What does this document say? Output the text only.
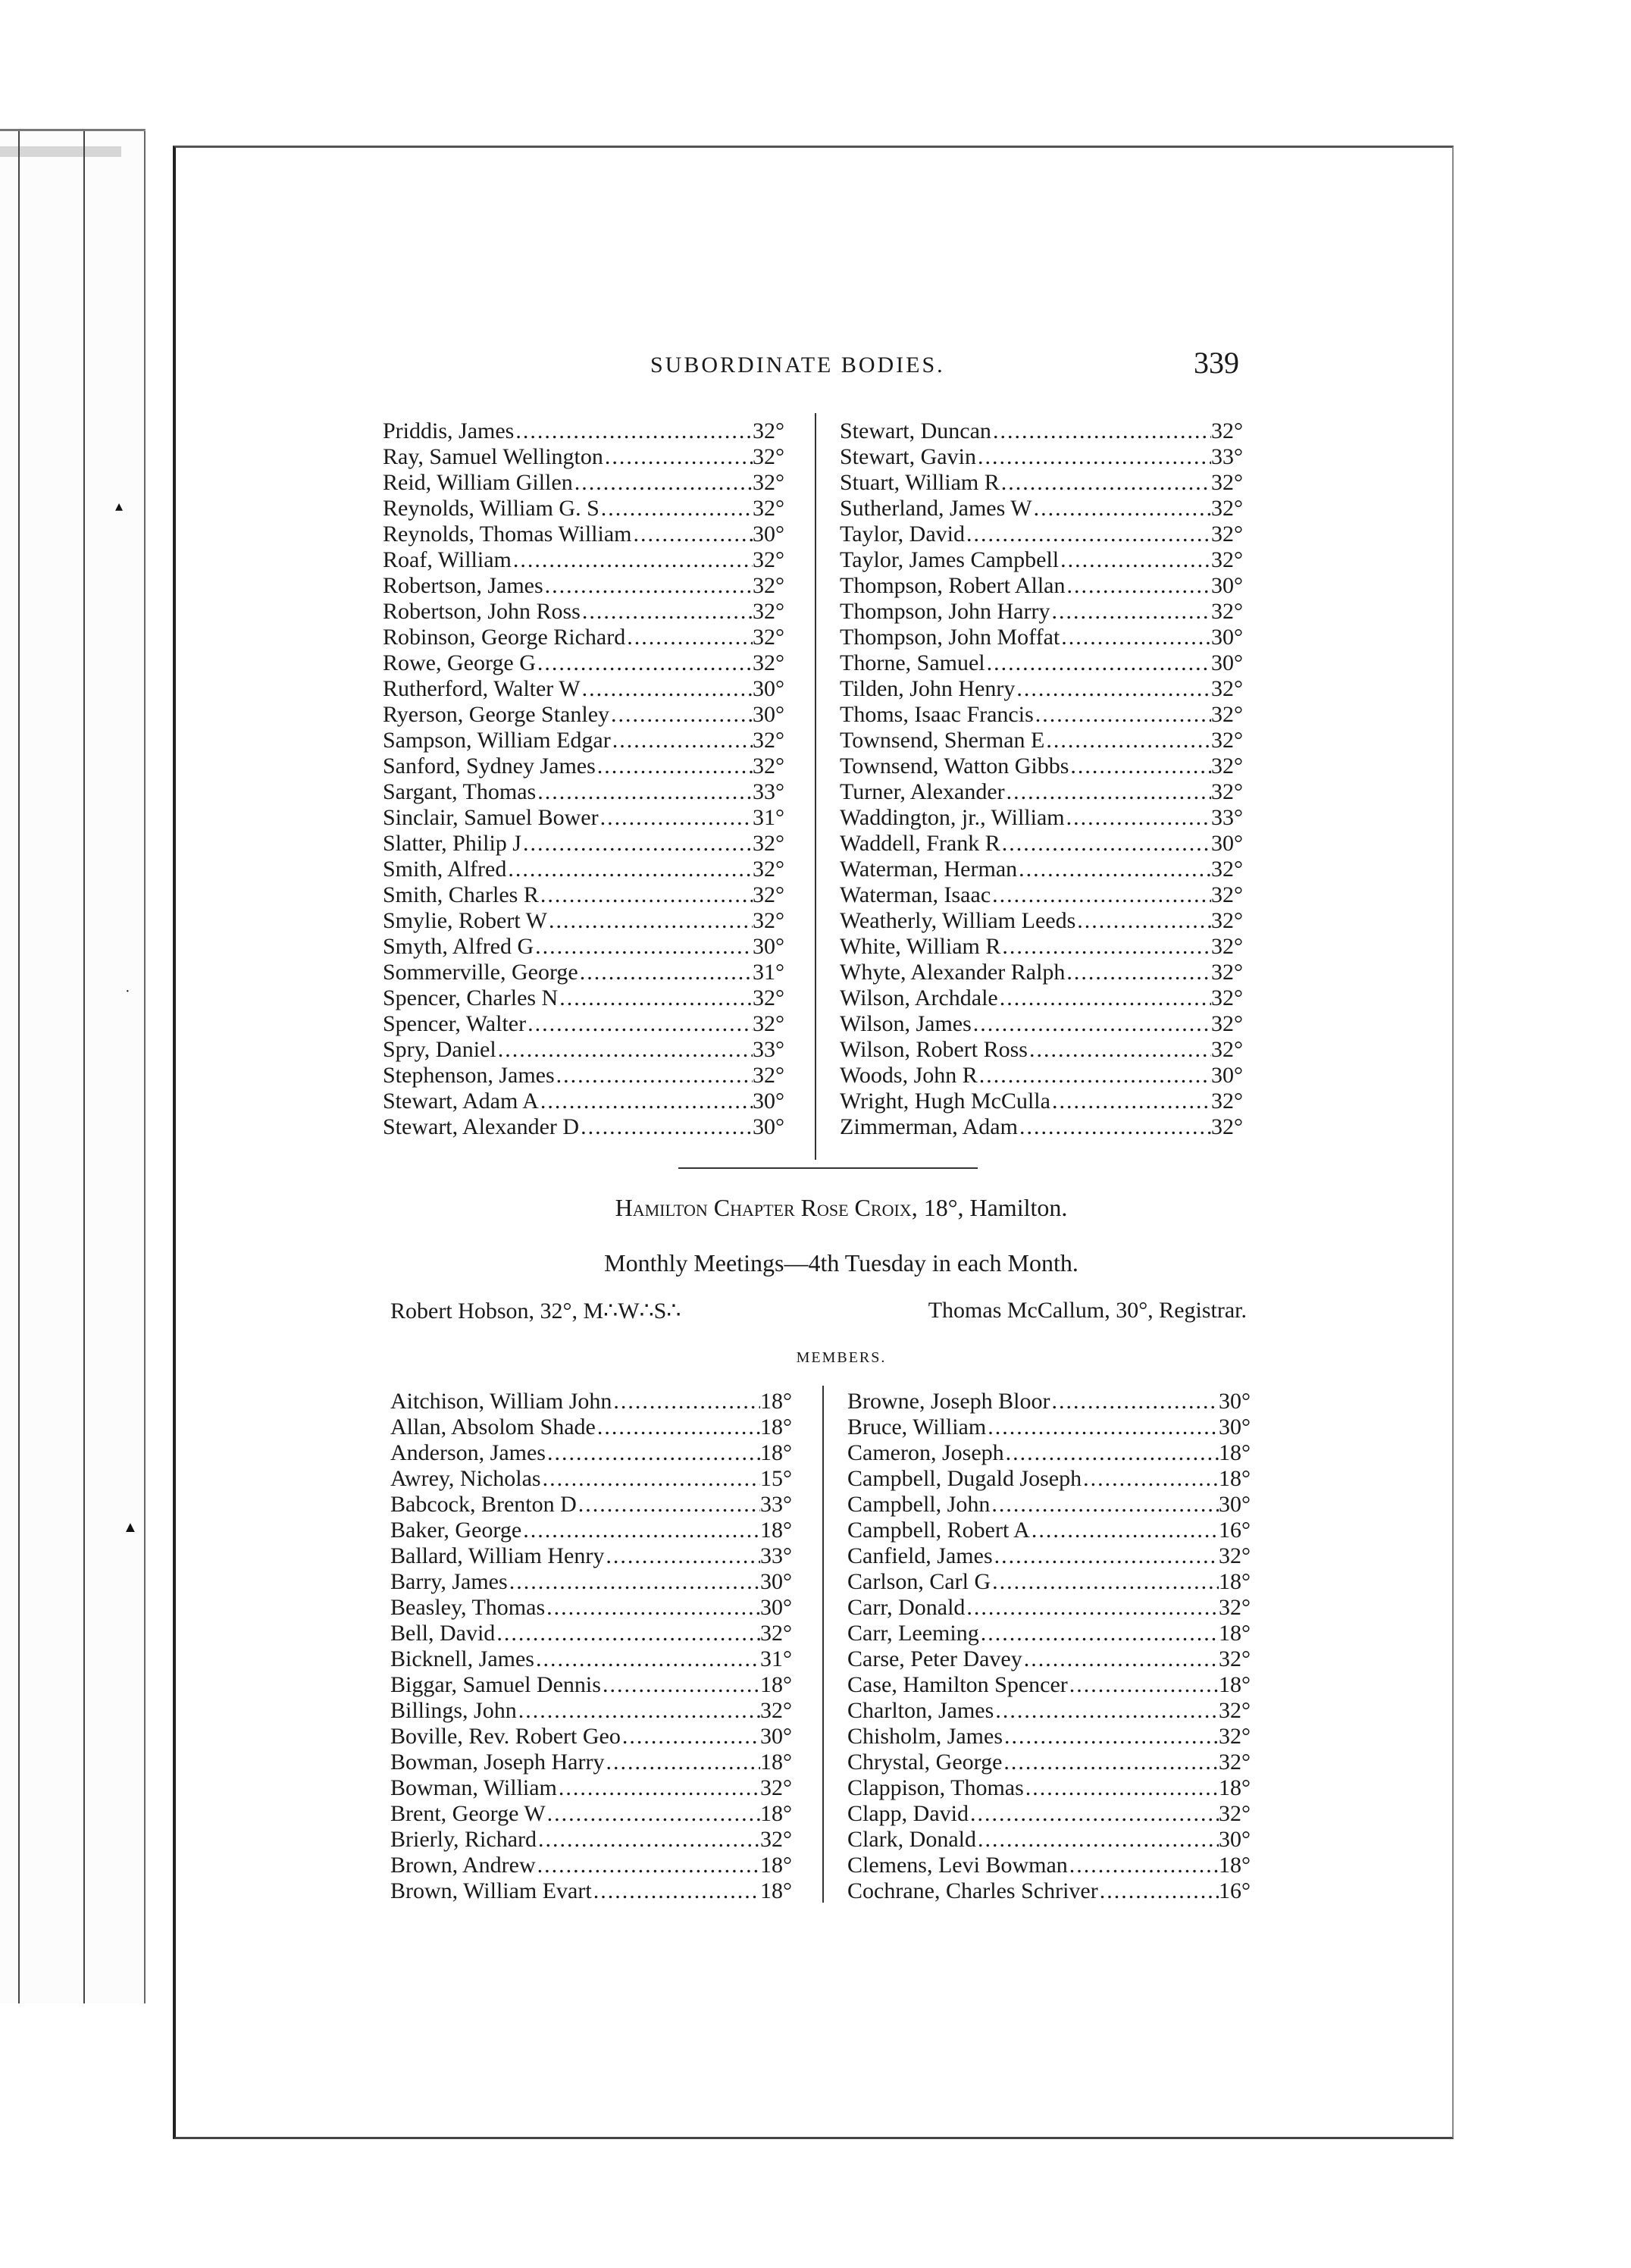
▴
·
▲
SUBORDINATE BODIES.	339
Priddis, James .....	32°
Ray, Samuel Wellington .....	32°
Reid, William Gillen .....	32°
Reynolds, William G. S .....	32°
Reynolds, Thomas William .....	30°
Roaf, William .....	32°
Robertson, James .....	32°
Robertson, John Ross .....	32°
Robinson, George Richard .....	32°
Rowe, George G .....	32°
Rutherford, Walter W .....	30°
Ryerson, George Stanley .....	30°
Sampson, William Edgar .....	32°
Sanford, Sydney James .....	32°
Sargant, Thomas .....	33°
Sinclair, Samuel Bower .....	31°
Slatter, Philip J .....	32°
Smith, Alfred .....	32°
Smith, Charles R .....	32°
Smylie, Robert W .....	32°
Smyth, Alfred G .....	30°
Sommerville, George .....	31°
Spencer, Charles N .....	32°
Spencer, Walter .....	32°
Spry, Daniel .....	33°
Stephenson, James .....	32°
Stewart, Adam A .....	30°
Stewart, Alexander D .....	30°
Stewart, Duncan .....	32°
Stewart, Gavin .....	33°
Stuart, William R .....	32°
Sutherland, James W .....	32°
Taylor, David .....	32°
Taylor, James Campbell .....	32°
Thompson, Robert Allan .....	30°
Thompson, John Harry .....	32°
Thompson, John Moffat .....	30°
Thorne, Samuel .....	30°
Tilden, John Henry .....	32°
Thoms, Isaac Francis .....	32°
Townsend, Sherman E .....	32°
Townsend, Watton Gibbs .....	32°
Turner, Alexander .....	32°
Waddington, jr., William .....	33°
Waddell, Frank R .....	30°
Waterman, Herman .....	32°
Waterman, Isaac .....	32°
Weatherly, William Leeds .....	32°
White, William R .....	32°
Whyte, Alexander Ralph .....	32°
Wilson, Archdale .....	32°
Wilson, James .....	32°
Wilson, Robert Ross .....	32°
Woods, John R .....	30°
Wright, Hugh McCulla .....	32°
Zimmerman, Adam .....	32°
Hamilton Chapter Rose Croix, 18°, Hamilton.
Monthly Meetings—4th Tuesday in each Month.
Robert Hobson, 32°, M∴W∴S∴	Thomas McCallum, 30°, Registrar.
MEMBERS.
Aitchison, William John .....	18°
Allan, Absolom Shade .....	18°
Anderson, James .....	18°
Awrey, Nicholas .....	15°
Babcock, Brenton D .....	33°
Baker, George .....	18°
Ballard, William Henry .....	33°
Barry, James .....	30°
Beasley, Thomas .....	30°
Bell, David .....	32°
Bicknell, James .....	31°
Biggar, Samuel Dennis .....	18°
Billings, John .....	32°
Boville, Rev. Robert Geo .....	30°
Bowman, Joseph Harry .....	18°
Bowman, William .....	32°
Brent, George W .....	18°
Brierly, Richard .....	32°
Brown, Andrew .....	18°
Brown, William Evart .....	18°
Browne, Joseph Bloor .....	30°
Bruce, William .....	30°
Cameron, Joseph .....	18°
Campbell, Dugald Joseph .....	18°
Campbell, John .....	30°
Campbell, Robert A .....	16°
Canfield, James .....	32°
Carlson, Carl G .....	18°
Carr, Donald .....	32°
Carr, Leeming .....	18°
Carse, Peter Davey .....	32°
Case, Hamilton Spencer .....	18°
Charlton, James .....	32°
Chisholm, James .....	32°
Chrystal, George .....	32°
Clappison, Thomas .....	18°
Clapp, David .....	32°
Clark, Donald .....	30°
Clemens, Levi Bowman .....	18°
Cochrane, Charles Schriver .....	16°
